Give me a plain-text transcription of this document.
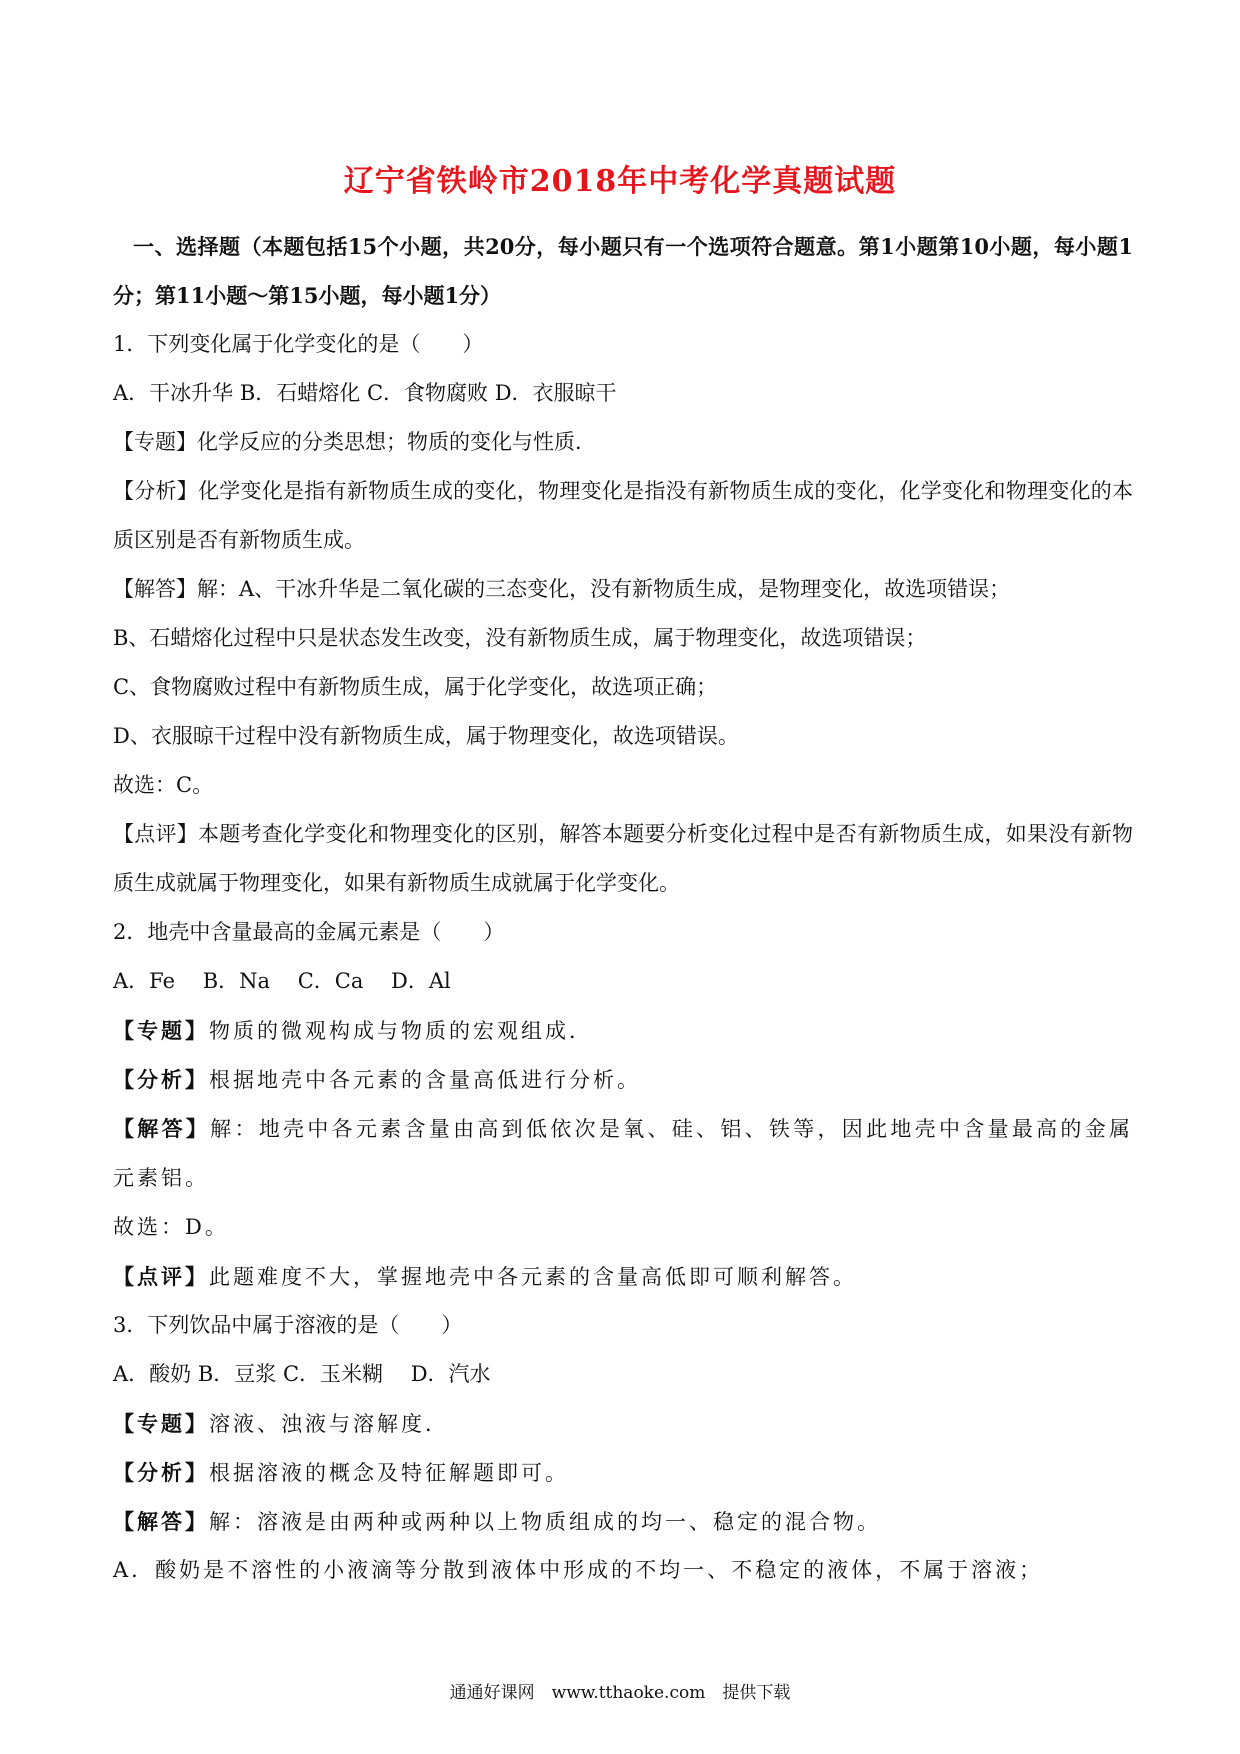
辽宁省铁岭市2018年中考化学真题试题
一、选择题（本题包括15个小题，共20分，每小题只有一个选项符合题意。第1小题第10小题，每小题1分；第11小题～第15小题，每小题1分）
1．下列变化属于化学变化的是（　　）
A．干冰升华 B．石蜡熔化 C．食物腐败 D．衣服晾干
【专题】化学反应的分类思想；物质的变化与性质．
【分析】化学变化是指有新物质生成的变化，物理变化是指没有新物质生成的变化，化学变化和物理变化的本质区别是否有新物质生成。
【解答】解：A、干冰升华是二氧化碳的三态变化，没有新物质生成，是物理变化，故选项错误；
B、石蜡熔化过程中只是状态发生改变，没有新物质生成，属于物理变化，故选项错误；
C、食物腐败过程中有新物质生成，属于化学变化，故选项正确；
D、衣服晾干过程中没有新物质生成，属于物理变化，故选项错误。
故选：C。
【点评】本题考查化学变化和物理变化的区别，解答本题要分析变化过程中是否有新物质生成，如果没有新物质生成就属于物理变化，如果有新物质生成就属于化学变化。
2．地壳中含量最高的金属元素是（　　）
A．Fe　 B．Na　 C．Ca　 D．Al
【专题】物质的微观构成与物质的宏观组成．
【分析】根据地壳中各元素的含量高低进行分析。
【解答】解：地壳中各元素含量由高到低依次是氧、硅、铝、铁等，因此地壳中含量最高的金属元素铝。
故选：D。
【点评】此题难度不大，掌握地壳中各元素的含量高低即可顺利解答。
3．下列饮品中属于溶液的是（　　）
A．酸奶 B．豆浆 C．玉米糊　 D．汽水
【专题】溶液、浊液与溶解度．
【分析】根据溶液的概念及特征解题即可。
【解答】解：溶液是由两种或两种以上物质组成的均一、稳定的混合物。
A．酸奶是不溶性的小液滴等分散到液体中形成的不均一、不稳定的液体，不属于溶液；
通通好课网　www.tthaoke.com　提供下载
